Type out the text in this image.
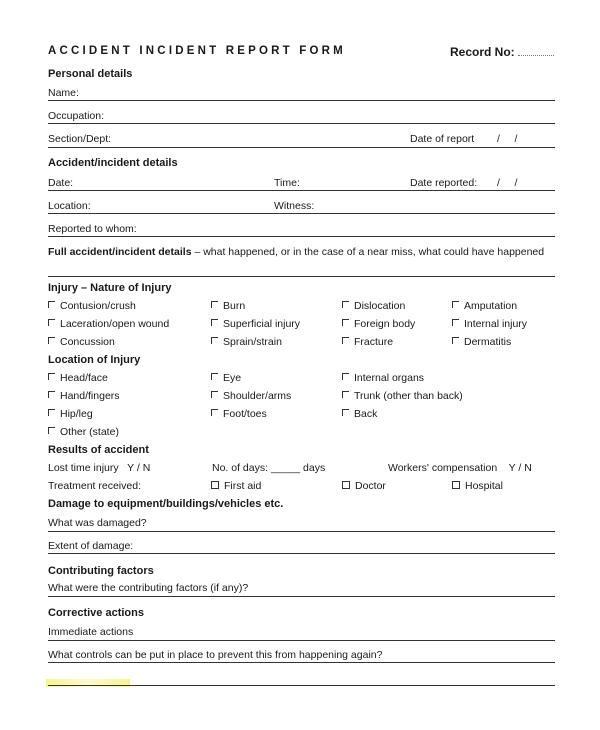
ACCIDENT INCIDENT REPORT FORM	Record No:
Personal details
Name:
Occupation:
Section/Dept:	Date of report /     /
Accident/incident details
Date:	Time:	Date reported: /     /
Location:	Witness:
Reported to whom:
Full accident/incident details – what happened, or in the case of a near miss, what could have happened
Injury – Nature of Injury
Contusion/crush	Burn	Dislocation	Amputation
Laceration/open wound	Superficial injury	Foreign body	Internal injury
Concussion	Sprain/strain	Fracture	Dermatitis
Location of Injury
Head/face	Eye	Internal organs
Hand/fingers	Shoulder/arms	Trunk (other than back)
Hip/leg	Foot/toes	Back
Other (state)
Results of accident
Lost time injury   Y / N	No. of days: _____ days	Workers' compensation    Y / N
Treatment received:	First aid	Doctor	Hospital
Damage to equipment/buildings/vehicles etc.
What was damaged?
Extent of damage:
Contributing factors
What were the contributing factors (if any)?
Corrective actions
Immediate actions
What controls can be put in place to prevent this from happening again?
